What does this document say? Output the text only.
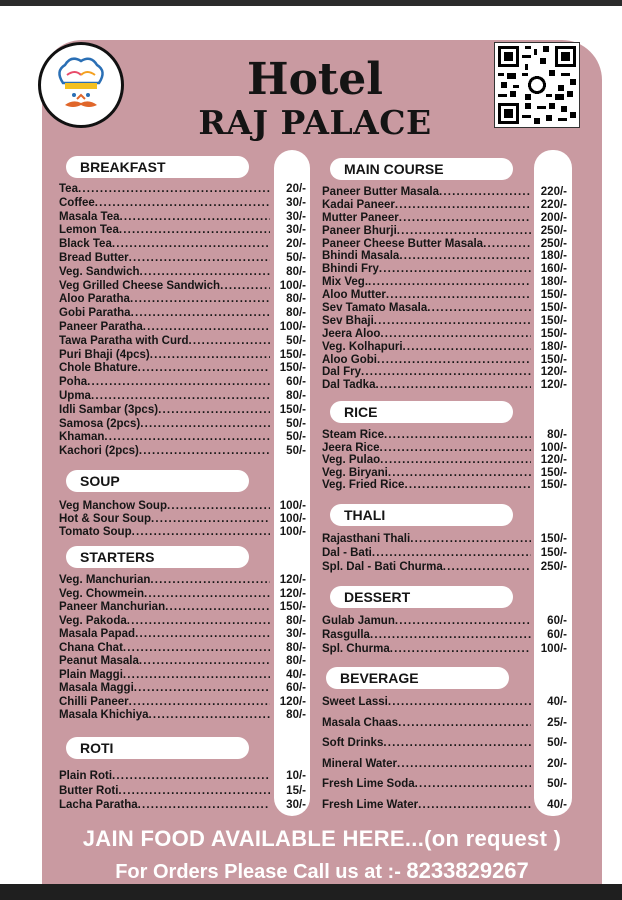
Hotel
RAJ PALACE
BREAKFAST
Tea . . .	20/-
Coffee . . .	30/-
Masala Tea . . .	30/-
Lemon Tea . . .	30/-
Black Tea . . .	20/-
Bread Butter . . .	50/-
Veg. Sandwich . . .	80/-
Veg Grilled Cheese Sandwich . . .	100/-
Aloo Paratha . . .	80/-
Gobi Paratha . . .	80/-
Paneer Paratha . . .	100/-
Tawa Paratha with Curd . . .	50/-
Puri Bhaji (4pcs) . . .	150/-
Chole Bhature . . .	150/-
Poha . . .	60/-
Upma . . .	80/-
Idli Sambar (3pcs) . . .	150/-
Samosa (2pcs) . . .	50/-
Khaman . . .	50/-
Kachori (2pcs) . . .	50/-
SOUP
Veg Manchow Soup . . .	100/-
Hot & Sour Soup . . .	100/-
Tomato Soup . . .	100/-
STARTERS
Veg. Manchurian . . .	120/-
Veg. Chowmein . . .	120/-
Paneer Manchurian . . .	150/-
Veg. Pakoda . . .	80/-
Masala Papad . . .	30/-
Chana Chat . . .	80/-
Peanut Masala . . .	80/-
Plain Maggi . . .	40/-
Masala Maggi . . .	60/-
Chilli Paneer . . .	120/-
Masala Khichiya . . .	80/-
ROTI
Plain Roti . . .	10/-
Butter Roti . . .	15/-
Lacha Paratha . . .	30/-
MAIN COURSE
Paneer Butter Masala . . .	220/-
Kadai Paneer . . .	220/-
Mutter Paneer . . .	200/-
Paneer Bhurji . . .	250/-
Paneer Cheese Butter Masala . . .	250/-
Bhindi Masala . . .	180/-
Bhindi Fry . . .	160/-
Mix Veg. . . .	180/-
Aloo Mutter . . .	150/-
Sev Tamato Masala . . .	150/-
Sev Bhaji . . .	150/-
Jeera Aloo . . .	150/-
Veg. Kolhapuri . . .	180/-
Aloo Gobi . . .	150/-
Dal Fry . . .	120/-
Dal Tadka . . .	120/-
RICE
Steam Rice . . .	80/-
Jeera Rice . . .	100/-
Veg. Pulao . . .	120/-
Veg. Biryani . . .	150/-
Veg. Fried Rice . . .	150/-
THALI
Rajasthani Thali . . .	150/-
Dal - Bati . . .	150/-
Spl. Dal - Bati Churma . . .	250/-
DESSERT
Gulab Jamun . . .	60/-
Rasgulla . . .	60/-
Spl. Churma . . .	100/-
BEVERAGE
Sweet Lassi . . .	40/-
Masala Chaas . . .	25/-
Soft Drinks . . .	50/-
Mineral Water . . .	20/-
Fresh Lime Soda . . .	50/-
Fresh Lime Water . . .	40/-
JAIN FOOD AVAILABLE HERE...(on request )
For Orders Please Call us at :- 8233829267
